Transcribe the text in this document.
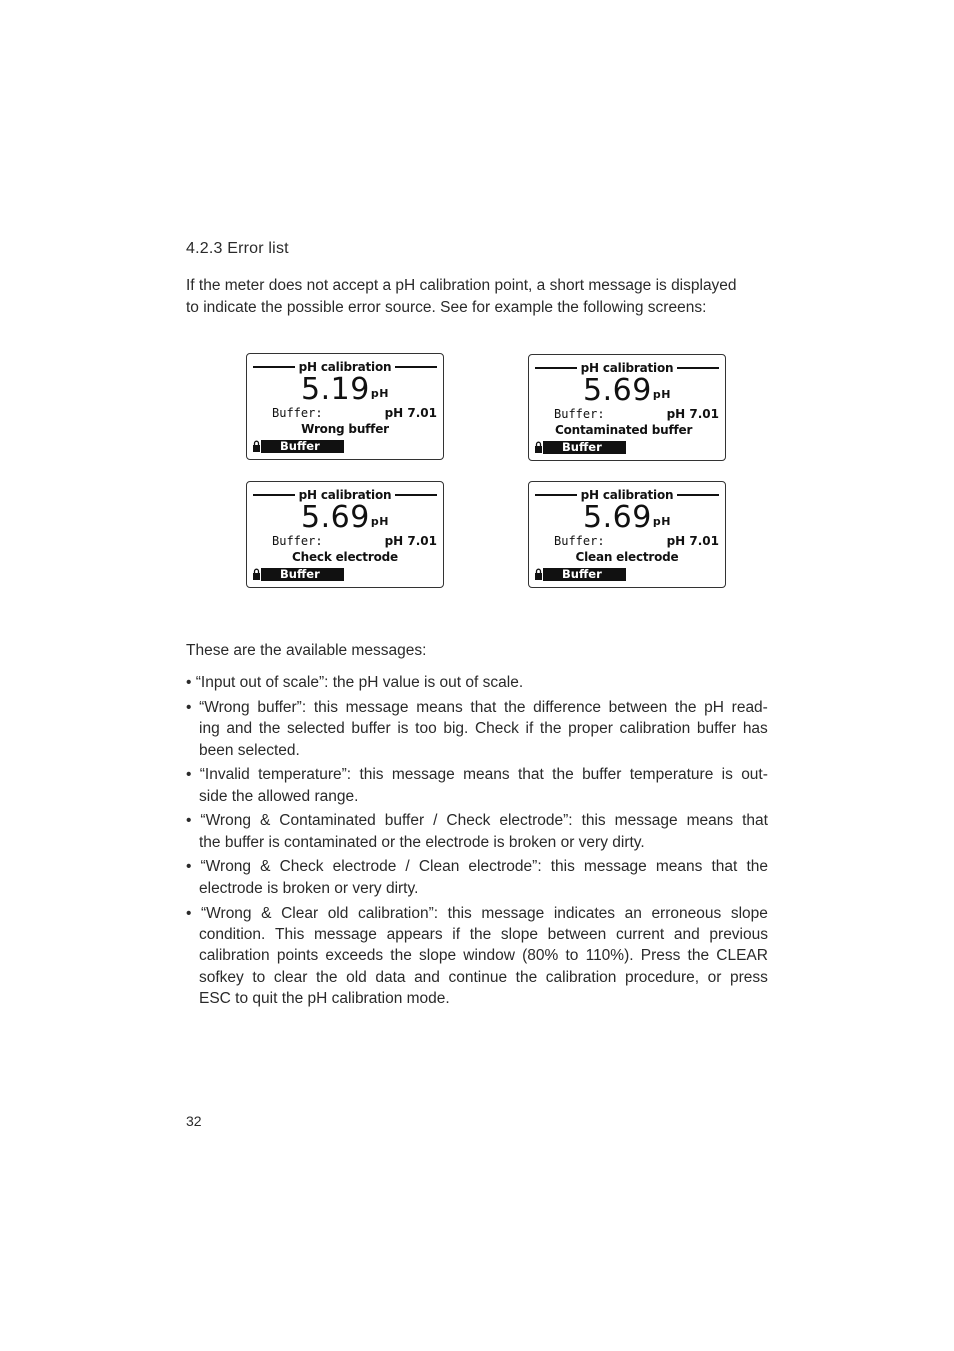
4.2.3 Error list
If the meter does not accept a pH calibration point, a short message is displayed
to indicate the possible error source. See for example the following screens:
pH calibration
$5.19^{pH}$
Buffer:	pH 7.01
Wrong buffer
Buffer
pH calibration
$5.69^{pH}$
Buffer:	pH 7.01
Contaminated buffer
Buffer
pH calibration
$5.69^{pH}$
Buffer:	pH 7.01
Check electrode
Buffer
pH calibration
$5.69^{pH}$
Buffer:	pH 7.01
Clean electrode
Buffer
These are the available messages:
• “Input out of scale”: the pH value is out of scale.
• “Wrong buffer”: this message means that the difference between the pH read-
ing and the selected buffer is too big. Check if the proper calibration buffer has
been selected.
• “Invalid temperature”: this message means that the buffer temperature is out-
side the allowed range.
• “Wrong & Contaminated buffer / Check electrode”: this message means that
the buffer is contaminated or the electrode is broken or very dirty.
• “Wrong & Check electrode / Clean electrode”: this message means that the
electrode is broken or very dirty.
• “Wrong & Clear old calibration”: this message indicates an erroneous slope
condition. This message appears if the slope between current and previous
calibration points exceeds the slope window (80% to 110%). Press the CLEAR
sofkey to clear the old data and continue the calibration procedure, or press
ESC to quit the pH calibration mode.
32
